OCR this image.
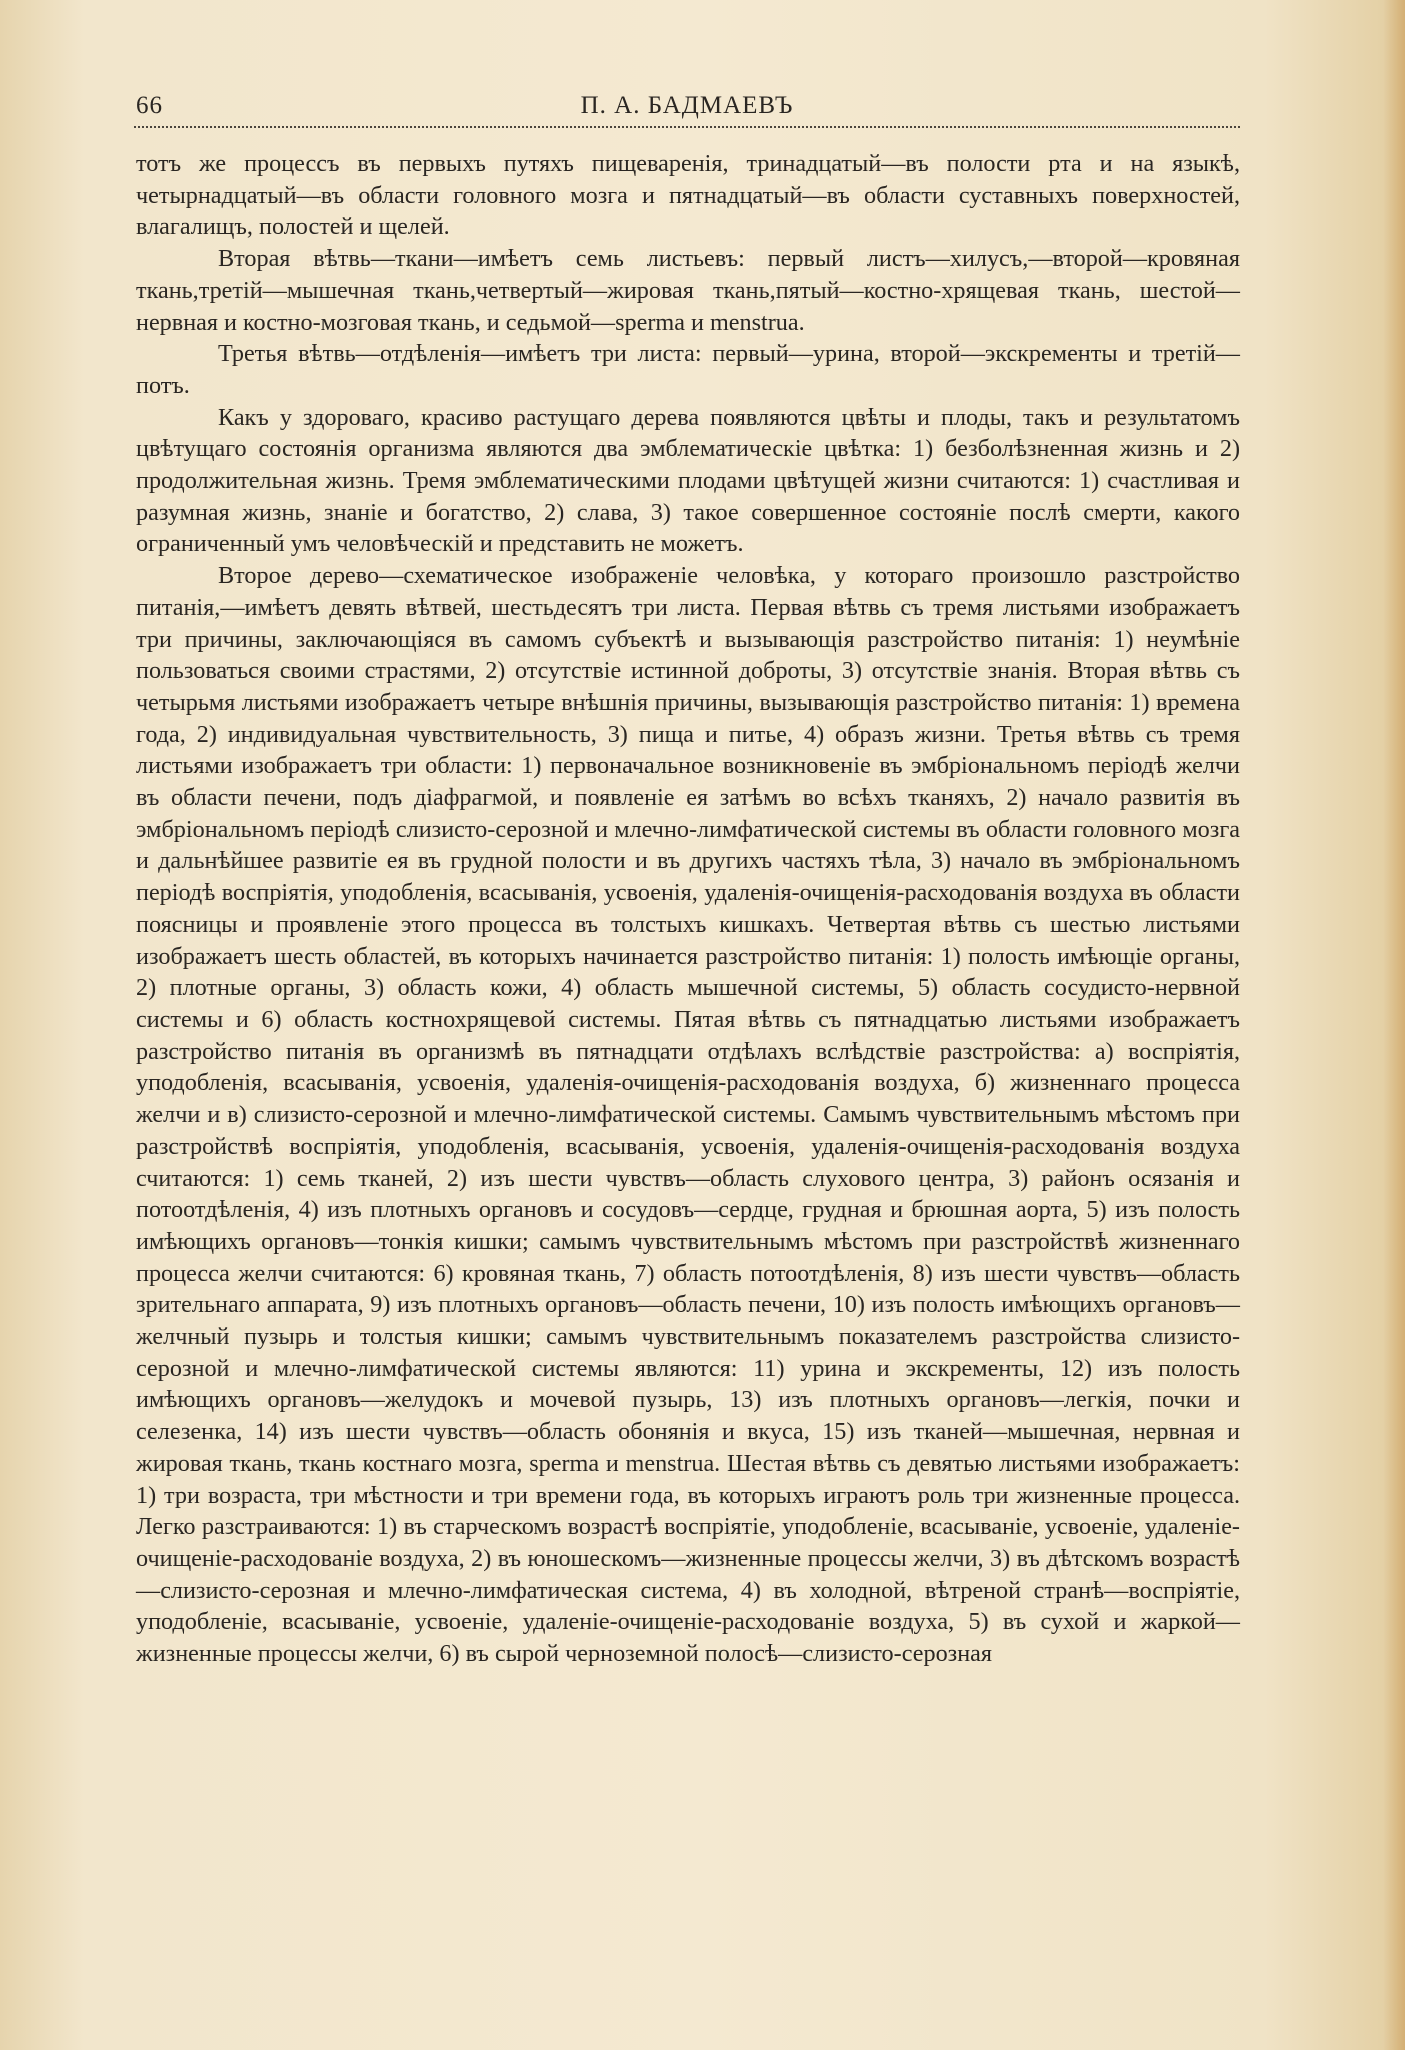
66	П. А. БАДМАЕВЪ

тотъ же процессъ въ первыхъ путяхъ пищеваренія, тринадцатый—въ полости рта и на языкѣ, четырнадцатый—въ области головного мозга и пятнадцатый—въ области суставныхъ поверхностей, влагалищъ, полостей и щелей.

Вторая вѣтвь—ткани—имѣетъ семь листьевъ: первый листъ—хилусъ,—второй—кровяная ткань,третій—мышечная ткань,четвертый—жировая ткань,пятый—костно-хрящевая ткань, шестой—нервная и костно-мозговая ткань, и седьмой—sperma и menstrua.

Третья вѣтвь—отдѣленія—имѣетъ три листа: первый—урина, второй—экскременты и третій—потъ.

Какъ у здороваго, красиво растущаго дерева появляются цвѣты и плоды, такъ и результатомъ цвѣтущаго состоянія организма являются два эмблематическіе цвѣтка: 1) безболѣзненная жизнь и 2) продолжительная жизнь. Тремя эмблематическими плодами цвѣтущей жизни считаются: 1) счастливая и разумная жизнь, знаніе и богатство, 2) слава, 3) такое совершенное состояніе послѣ смерти, какого ограниченный умъ человѣческій и представить не можетъ.

Второе дерево—схематическое изображеніе человѣка, у котораго произошло разстройство питанія,—имѣетъ девять вѣтвей, шестьдесятъ три листа. Первая вѣтвь съ тремя листьями изображаетъ три причины, заключающіяся въ самомъ субъектѣ и вызывающія разстройство питанія: 1) неумѣніе пользоваться своими страстями, 2) отсутствіе истинной доброты, 3) отсутствіе знанія. Вторая вѣтвь съ четырьмя листьями изображаетъ четыре внѣшнія причины, вызывающія разстройство питанія: 1) времена года, 2) индивидуальная чувствительность, 3) пища и питье, 4) образъ жизни. Третья вѣтвь съ тремя листьями изображаетъ три области: 1) первоначальное возникновеніе въ эмбріональномъ періодѣ желчи въ области печени, подъ діафрагмой, и появленіе ея затѣмъ во всѣхъ тканяхъ, 2) начало развитія въ эмбріональномъ періодѣ слизисто-серозной и млечно-лимфатической системы въ области головного мозга и дальнѣйшее развитіе ея въ грудной полости и въ другихъ частяхъ тѣла, 3) начало въ эмбріональномъ періодѣ воспріятія, уподобленія, всасыванія, усвоенія, удаленія-очищенія-расходованія воздуха въ области поясницы и проявленіе этого процесса въ толстыхъ кишкахъ. Четвертая вѣтвь съ шестью листьями изображаетъ шесть областей, въ которыхъ начинается разстройство питанія: 1) полость имѣющіе органы, 2) плотные органы, 3) область кожи, 4) область мышечной системы, 5) область сосудисто-нервной системы и 6) область костнохрящевой системы. Пятая вѣтвь съ пятнадцатью листьями изображаетъ разстройство питанія въ организмѣ въ пятнадцати отдѣлахъ вслѣдствіе разстройства: а) воспріятія, уподобленія, всасыванія, усвоенія, удаленія-очищенія-расходованія воздуха, б) жизненнаго процесса желчи и в) слизисто-серозной и млечно-лимфатической системы. Самымъ чувствительнымъ мѣстомъ при разстройствѣ воспріятія, уподобленія, всасыванія, усвоенія, удаленія-очищенія-расходованія воздуха считаются: 1) семь тканей, 2) изъ шести чувствъ—область слухового центра, 3) районъ осязанія и потоотдѣленія, 4) изъ плотныхъ органовъ и сосудовъ—сердце, грудная и брюшная аорта, 5) изъ полость имѣющихъ органовъ—тонкія кишки; самымъ чувствительнымъ мѣстомъ при разстройствѣ жизненнаго процесса желчи считаются: 6) кровяная ткань, 7) область потоотдѣленія, 8) изъ шести чувствъ—область зрительнаго аппарата, 9) изъ плотныхъ органовъ—область печени, 10) изъ полость имѣющихъ органовъ—желчный пузырь и толстыя кишки; самымъ чувствительнымъ показателемъ разстройства слизисто-серозной и млечно-лимфатической системы являются: 11) урина и экскременты, 12) изъ полость имѣющихъ органовъ—желудокъ и мочевой пузырь, 13) изъ плотныхъ органовъ—легкія, почки и селезенка, 14) изъ шести чувствъ—область обонянія и вкуса, 15) изъ тканей—мышечная, нервная и жировая ткань, ткань костнаго мозга, sperma и menstrua. Шестая вѣтвь съ девятью листьями изображаетъ: 1) три возраста, три мѣстности и три времени года, въ которыхъ играютъ роль три жизненные процесса. Легко разстраиваются: 1) въ старческомъ возрастѣ воспріятіе, уподобленіе, всасываніе, усвоеніе, удаленіе-очищеніе-расходованіе воздуха, 2) въ юношескомъ—жизненные процессы желчи, 3) въ дѣтскомъ возрастѣ—слизисто-серозная и млечно-лимфатическая система, 4) въ холодной, вѣтреной странѣ—воспріятіе, уподобленіе, всасываніе, усвоеніе, удаленіе-очищеніе-расходованіе воздуха, 5) въ сухой и жаркой—жизненные процессы желчи, 6) въ сырой черноземной полосѣ—слизисто-серозная
